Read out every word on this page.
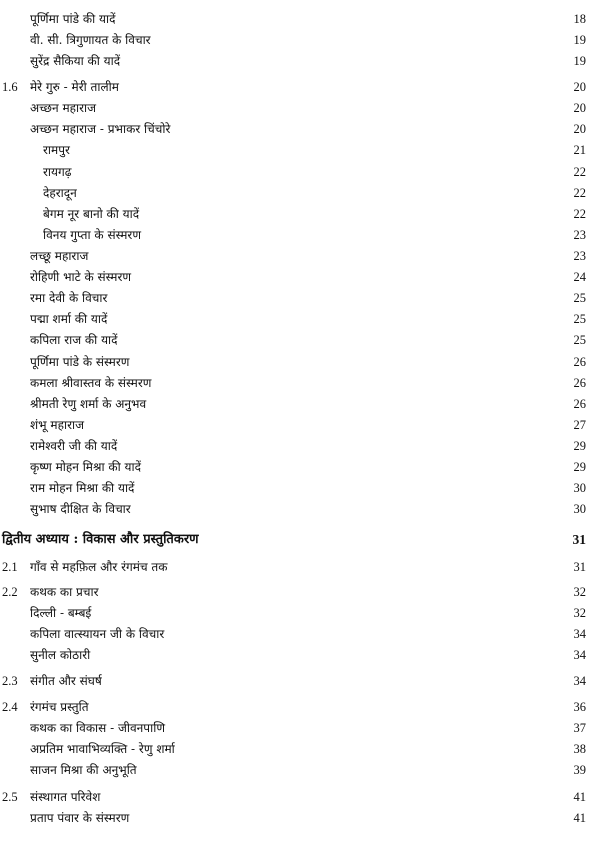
पूर्णिमा पांडे की यादें	18
वी. सी. त्रिगुणायत के विचार	19
सुरेंद्र सैकिया की यादें	19
1.6 मेरे गुरु - मेरी तालीम	20
अच्छन महाराज	20
अच्छन महाराज - प्रभाकर चिंचोरे	20
रामपुर	21
रायगढ़	22
देहरादून	22
बेगम नूर बानो की यादें	22
विनय गुप्ता के संस्मरण	23
लच्छू महाराज	23
रोहिणी भाटे के संस्मरण	24
रमा देवी के विचार	25
पद्मा शर्मा की यादें	25
कपिला राज की यादें	25
पूर्णिमा पांडे के संस्मरण	26
कमला श्रीवास्तव के संस्मरण	26
श्रीमती रेणु शर्मा के अनुभव	26
शंभू महाराज	27
रामेश्वरी जी की यादें	29
कृष्ण मोहन मिश्रा की यादें	29
राम मोहन मिश्रा की यादें	30
सुभाष दीक्षित के विचार	30
द्वितीय अध्याय : विकास और प्रस्तुतिकरण	31
2.1 गाँव से महफ़िल और रंगमंच तक	31
2.2 कथक का प्रचार	32
दिल्ली - बम्बई	32
कपिला वात्स्यायन जी के विचार	34
सुनील कोठारी	34
2.3 संगीत और संघर्ष	34
2.4 रंगमंच प्रस्तुति	36
कथक का विकास - जीवनपाणि	37
अप्रतिम भावाभिव्यक्ति - रेणु शर्मा	38
साजन मिश्रा की अनुभूति	39
2.5 संस्थागत परिवेश	41
प्रताप पंवार के संस्मरण	41
